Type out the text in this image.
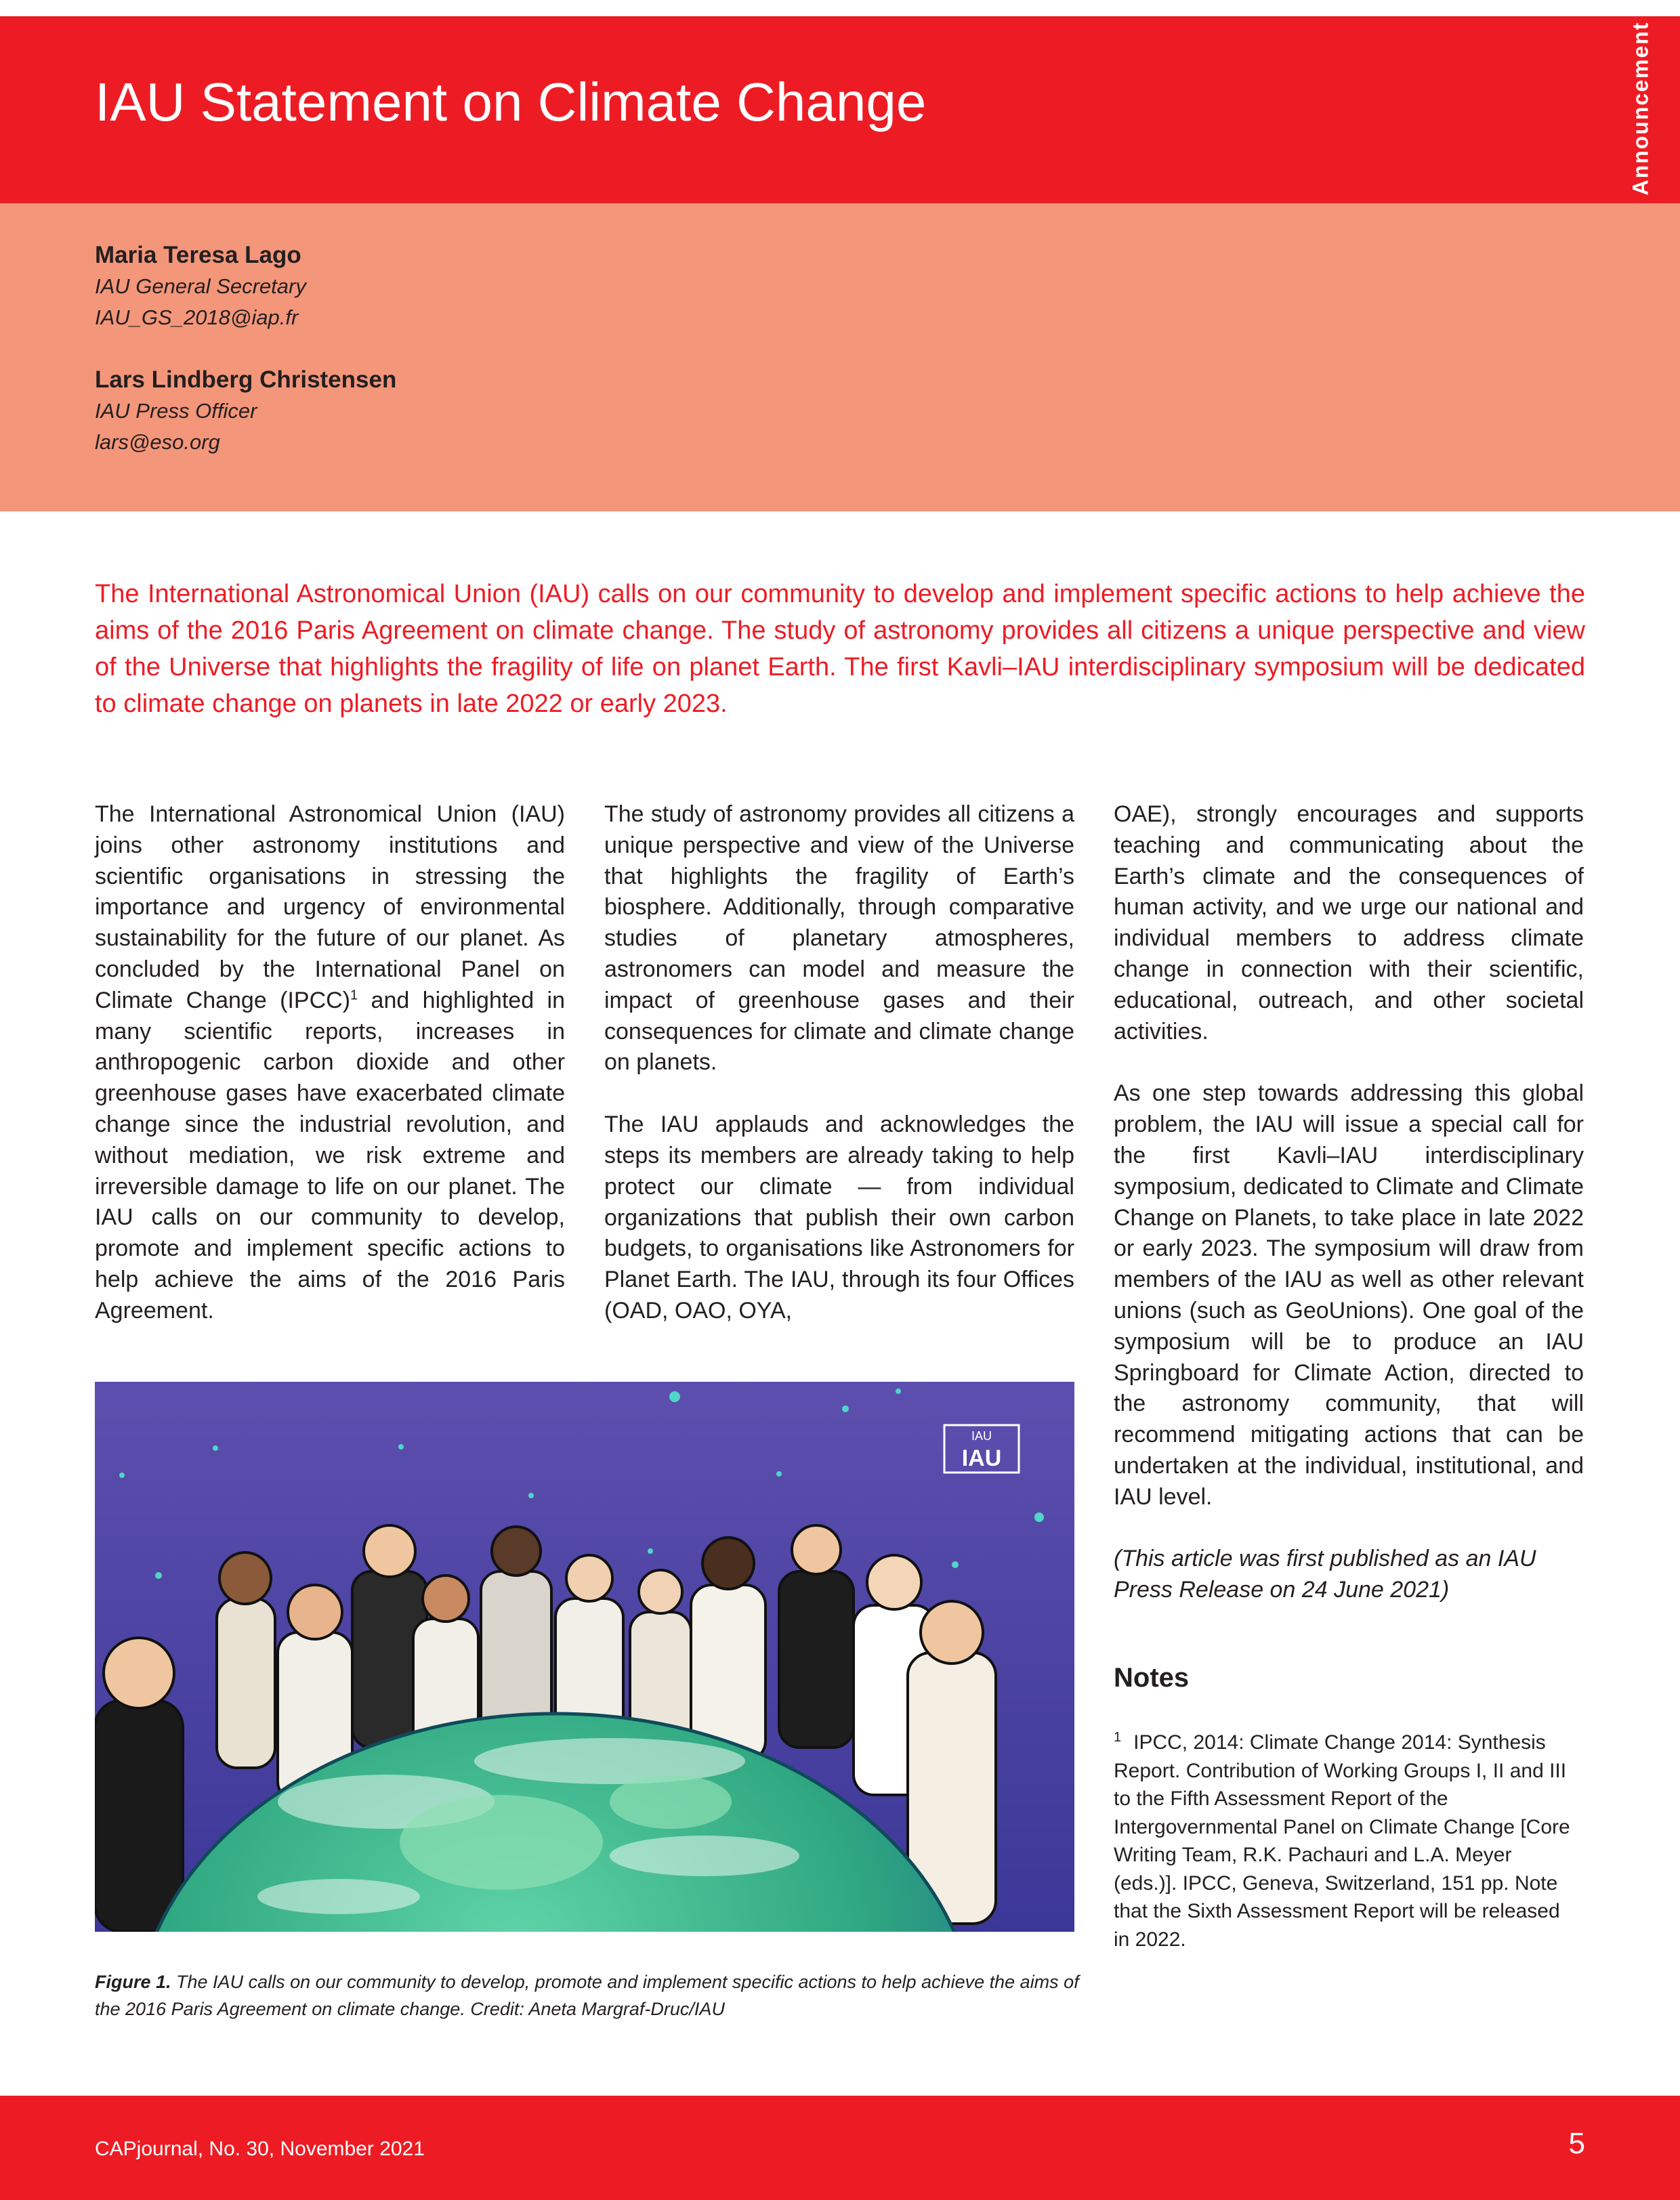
IAU Statement on Climate Change	Announcement
Maria Teresa Lago
IAU General Secretary
IAU_GS_2018@iap.fr
Lars Lindberg Christensen
IAU Press Officer
lars@eso.org
The International Astronomical Union (IAU) calls on our community to develop and implement specific actions to help achieve the aims of the 2016 Paris Agreement on climate change. The study of astronomy provides all citizens a unique perspective and view of the Universe that highlights the fragility of life on planet Earth. The first Kavli–IAU interdisciplinary symposium will be dedicated to climate change on planets in late 2022 or early 2023.

The International Astronomical Union (IAU) joins other astronomy institutions and scientific organisations in stressing the importance and urgency of environmental sustainability for the future of our planet. As concluded by the International Panel on Climate Change (IPCC)$^1$ and highlighted in many scientific reports, increases in anthropogenic carbon dioxide and other greenhouse gases have exacerbated climate change since the industrial revolution, and without mediation, we risk extreme and irreversible damage to life on our planet. The IAU calls on our community to develop, promote and implement specific actions to help achieve the aims of the 2016 Paris Agreement.

The study of astronomy provides all citizens a unique perspective and view of the Universe that highlights the fragility of Earth’s biosphere. Additionally, through comparative studies of planetary atmospheres, astronomers can model and measure the impact of greenhouse gases and their consequences for climate and climate change on planets.

The IAU applauds and acknowledges the steps its members are already taking to help protect our climate — from individual organizations that publish their own carbon budgets, to organisations like Astronomers for Planet Earth. The IAU, through its four Offices (OAD, OAO, OYA,

OAE), strongly encourages and supports teaching and communicating about the Earth’s climate and the consequences of human activity, and we urge our national and individual members to address climate change in connection with their scientific, educational, outreach, and other societal activities.

As one step towards addressing this global problem, the IAU will issue a special call for the first Kavli–IAU interdisciplinary symposium, dedicated to Climate and Climate Change on Planets, to take place in late 2022 or early 2023. The symposium will draw from members of the IAU as well as other relevant unions (such as GeoUnions). One goal of the symposium will be to produce an IAU Springboard for Climate Action, directed to the astronomy community, that will recommend mitigating actions that can be undertaken at the individual, institutional, and IAU level.

(This article was first published as an IAU Press Release on 24 June 2021)
IAU
IAU
Figure 1. The IAU calls on our community to develop, promote and implement specific actions to help achieve the aims of the 2016 Paris Agreement on climate change. Credit: Aneta Margraf-Druc/IAU
Notes
$^1$ IPCC, 2014: Climate Change 2014: Synthesis Report. Contribution of Working Groups I, II and III to the Fifth Assessment Report of the Intergovernmental Panel on Climate Change [Core Writing Team, R.K. Pachauri and L.A. Meyer (eds.)]. IPCC, Geneva, Switzerland, 151 pp. Note that the Sixth Assessment Report will be released in 2022.
CAPjournal, No. 30, November 2021	5
